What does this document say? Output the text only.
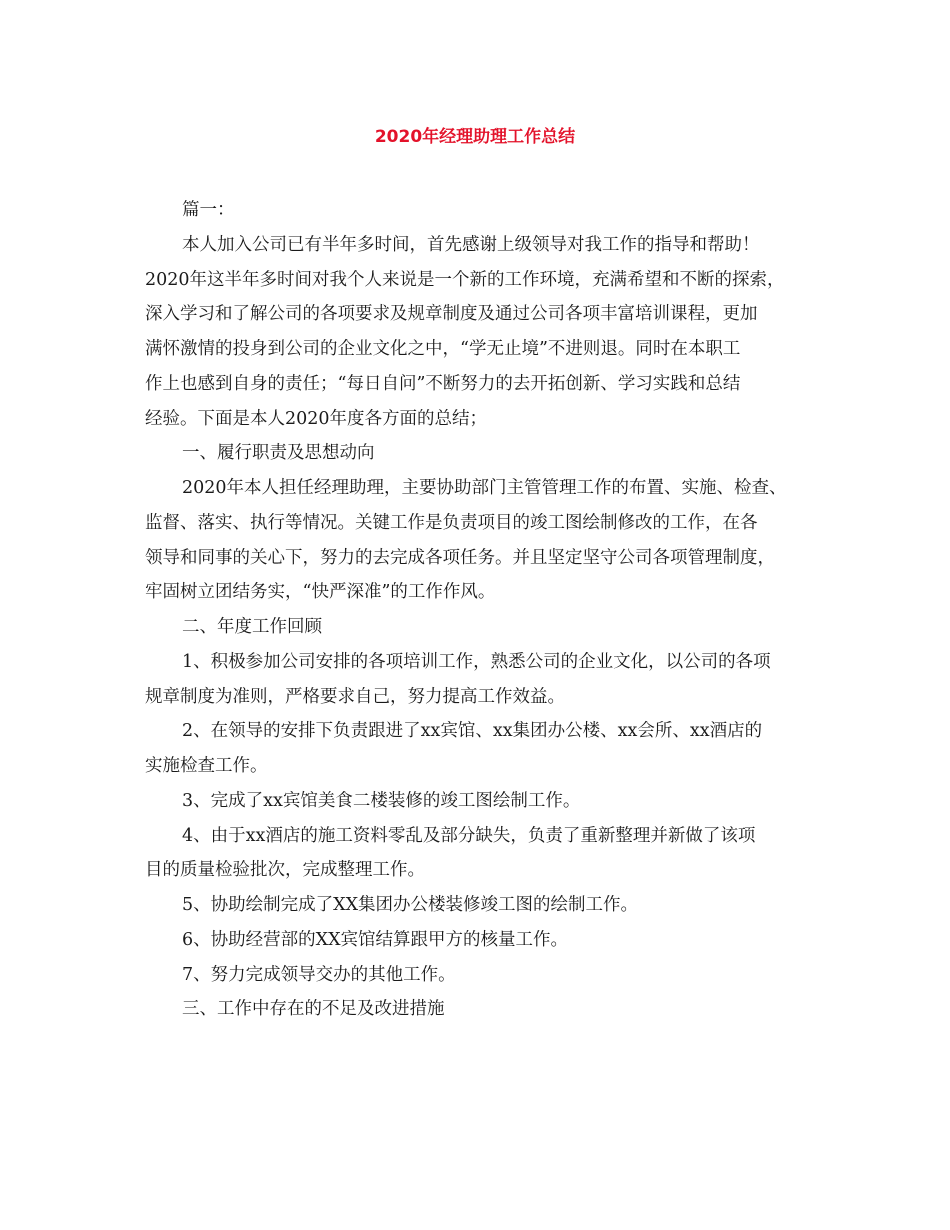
2020年经理助理工作总结
篇一：
本人加入公司已有半年多时间，首先感谢上级领导对我工作的指导和帮助！
2020年这半年多时间对我个人来说是一个新的工作环境，充满希望和不断的探索，
深入学习和了解公司的各项要求及规章制度及通过公司各项丰富培训课程，更加
满怀激情的投身到公司的企业文化之中，“学无止境”不进则退。同时在本职工
作上也感到自身的责任；“每日自问”不断努力的去开拓创新、学习实践和总结
经验。下面是本人2020年度各方面的总结；
一、履行职责及思想动向
2020年本人担任经理助理，主要协助部门主管管理工作的布置、实施、检查、
监督、落实、执行等情况。关键工作是负责项目的竣工图绘制修改的工作，在各
领导和同事的关心下，努力的去完成各项任务。并且坚定坚守公司各项管理制度，
牢固树立团结务实，“快严深准”的工作作风。
二、年度工作回顾
1、积极参加公司安排的各项培训工作，熟悉公司的企业文化，以公司的各项
规章制度为准则，严格要求自己，努力提高工作效益。
2、在领导的安排下负责跟进了xx宾馆、xx集团办公楼、xx会所、xx酒店的
实施检查工作。
3、完成了xx宾馆美食二楼装修的竣工图绘制工作。
4、由于xx酒店的施工资料零乱及部分缺失，负责了重新整理并新做了该项
目的质量检验批次，完成整理工作。
5、协助绘制完成了XX集团办公楼装修竣工图的绘制工作。
6、协助经营部的XX宾馆结算跟甲方的核量工作。
7、努力完成领导交办的其他工作。
三、工作中存在的不足及改进措施
